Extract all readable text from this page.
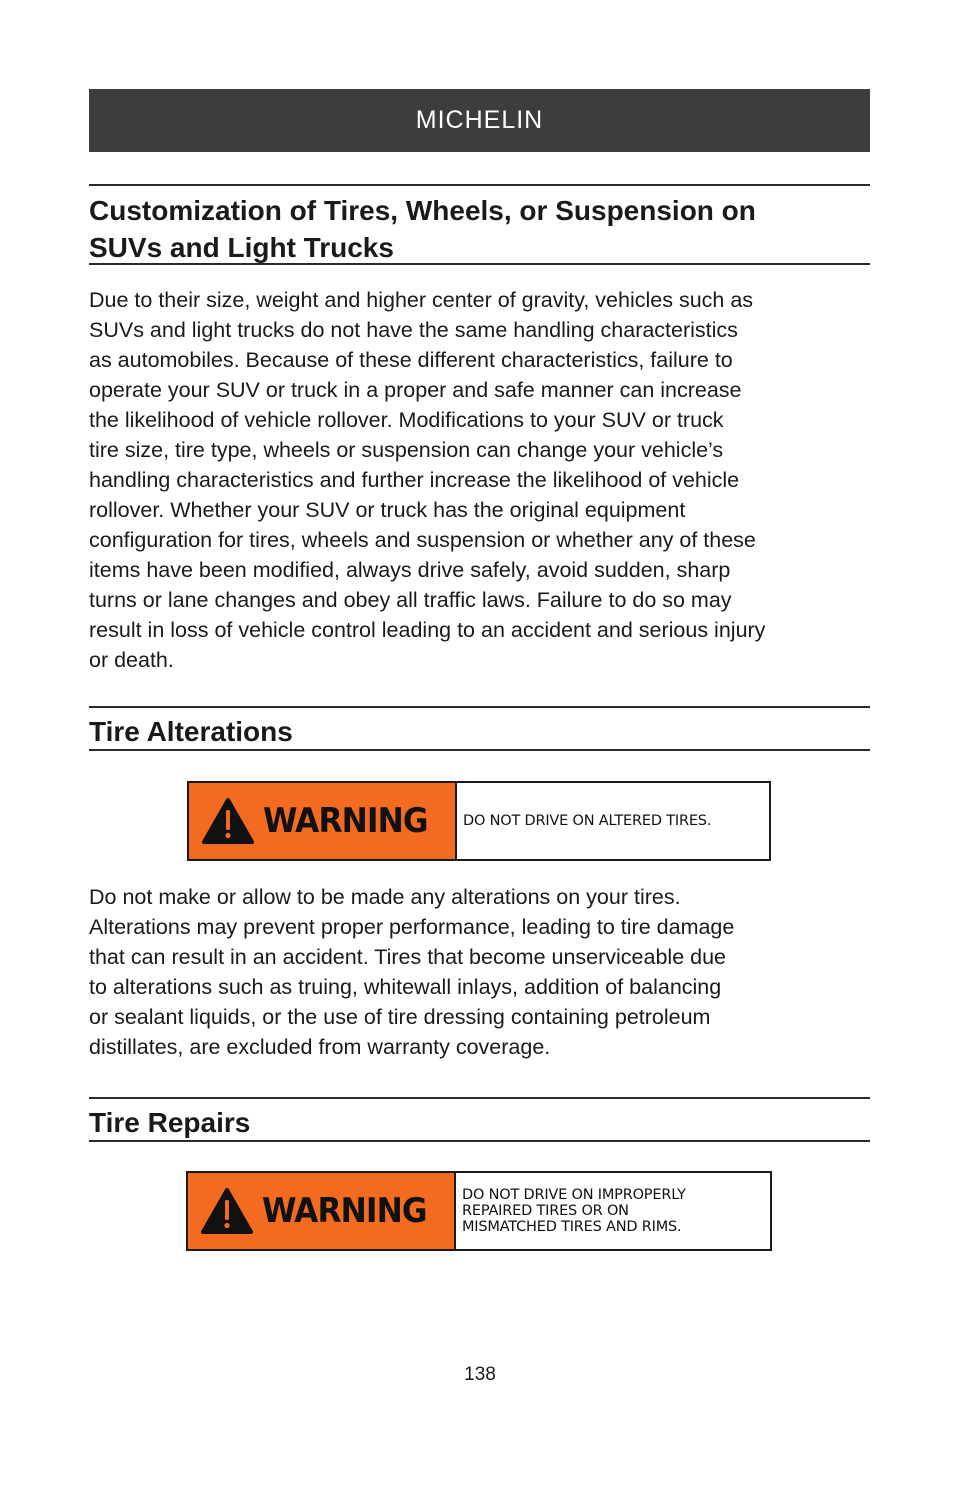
MICHELIN
Customization of Tires, Wheels, or Suspension on
SUVs and Light Trucks
Due to their size, weight and higher center of gravity, vehicles such as
SUVs and light trucks do not have the same handling characteristics
as automobiles. Because of these different characteristics, failure to
operate your SUV or truck in a proper and safe manner can increase
the likelihood of vehicle rollover. Modifications to your SUV or truck
tire size, tire type, wheels or suspension can change your vehicle’s
handling characteristics and further increase the likelihood of vehicle
rollover. Whether your SUV or truck has the original equipment
configuration for tires, wheels and suspension or whether any of these
items have been modified, always drive safely, avoid sudden, sharp
turns or lane changes and obey all traffic laws. Failure to do so may
result in loss of vehicle control leading to an accident and serious injury
or death.
Tire Alterations
WARNING	DO NOT DRIVE ON ALTERED TIRES.
Do not make or allow to be made any alterations on your tires.
Alterations may prevent proper performance, leading to tire damage
that can result in an accident. Tires that become unserviceable due
to alterations such as truing, whitewall inlays, addition of balancing
or sealant liquids, or the use of tire dressing containing petroleum
distillates, are excluded from warranty coverage.
Tire Repairs
WARNING	DO NOT DRIVE ON IMPROPERLY
REPAIRED TIRES OR ON
MISMATCHED TIRES AND RIMS.
138
